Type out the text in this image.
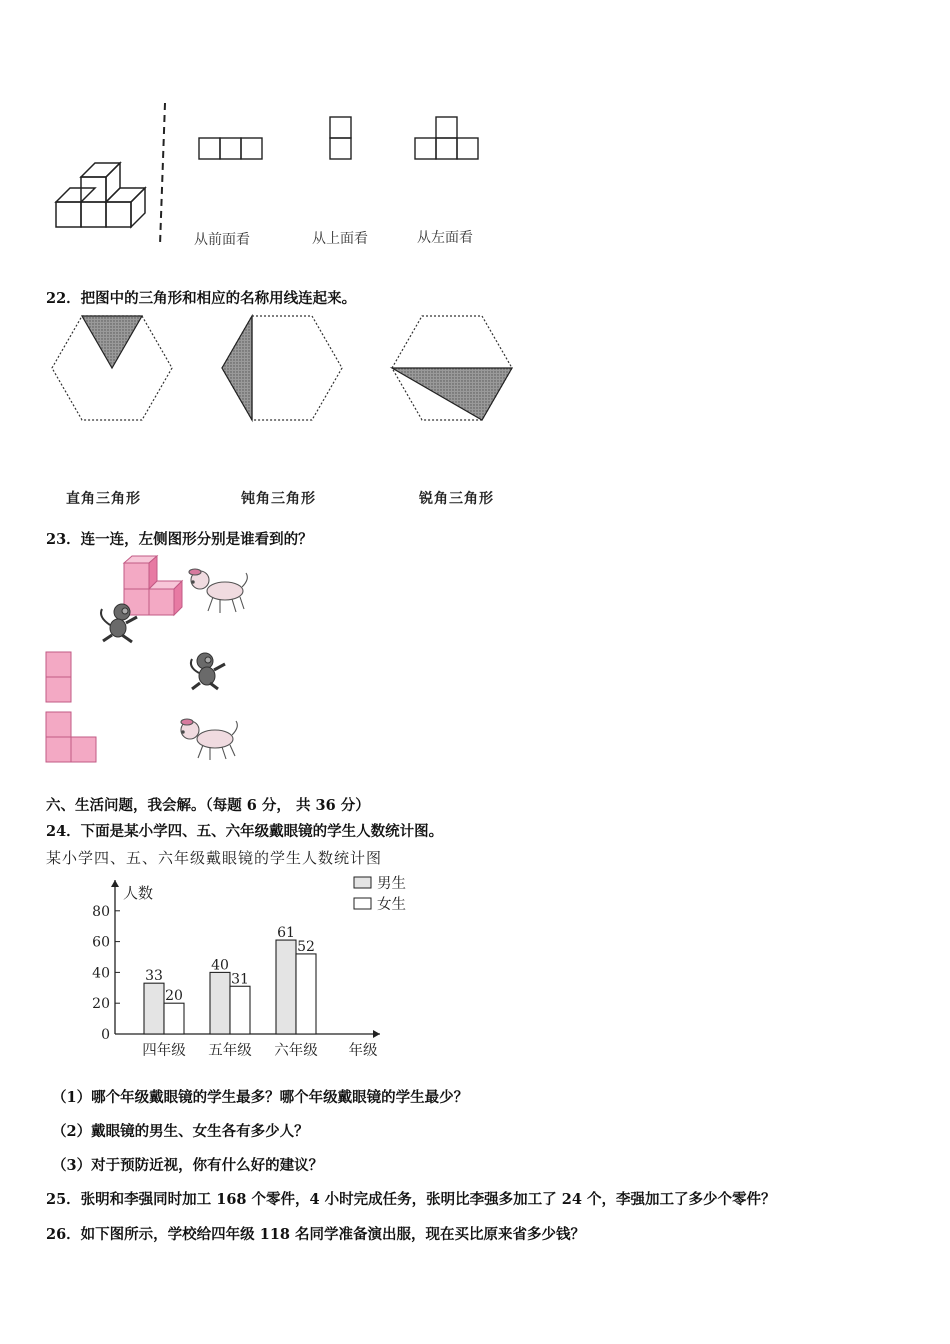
从前面看	从上面看	从左面看
22．把图中的三角形和相应的名称用线连起来。
直角三角形	钝角三角形	锐角三角形
23．连一连，左侧图形分别是谁看到的？
六、生活问题，我会解。（每题 6 分， 共 36 分）
24．下面是某小学四、五、六年级戴眼镜的学生人数统计图。
某小学四、五、六年级戴眼镜的学生人数统计图
人数
0
20
40
60
80
33
20
40
31
61
52
四年级 五年级 六年级 年级
男生
女生
（1）哪个年级戴眼镜的学生最多？哪个年级戴眼镜的学生最少？
（2）戴眼镜的男生、女生各有多少人？
（3）对于预防近视，你有什么好的建议？
25．张明和李强同时加工 168 个零件，4 小时完成任务，张明比李强多加工了 24 个，李强加工了多少个零件？
26．如下图所示，学校给四年级 118 名同学准备演出服，现在买比原来省多少钱？
